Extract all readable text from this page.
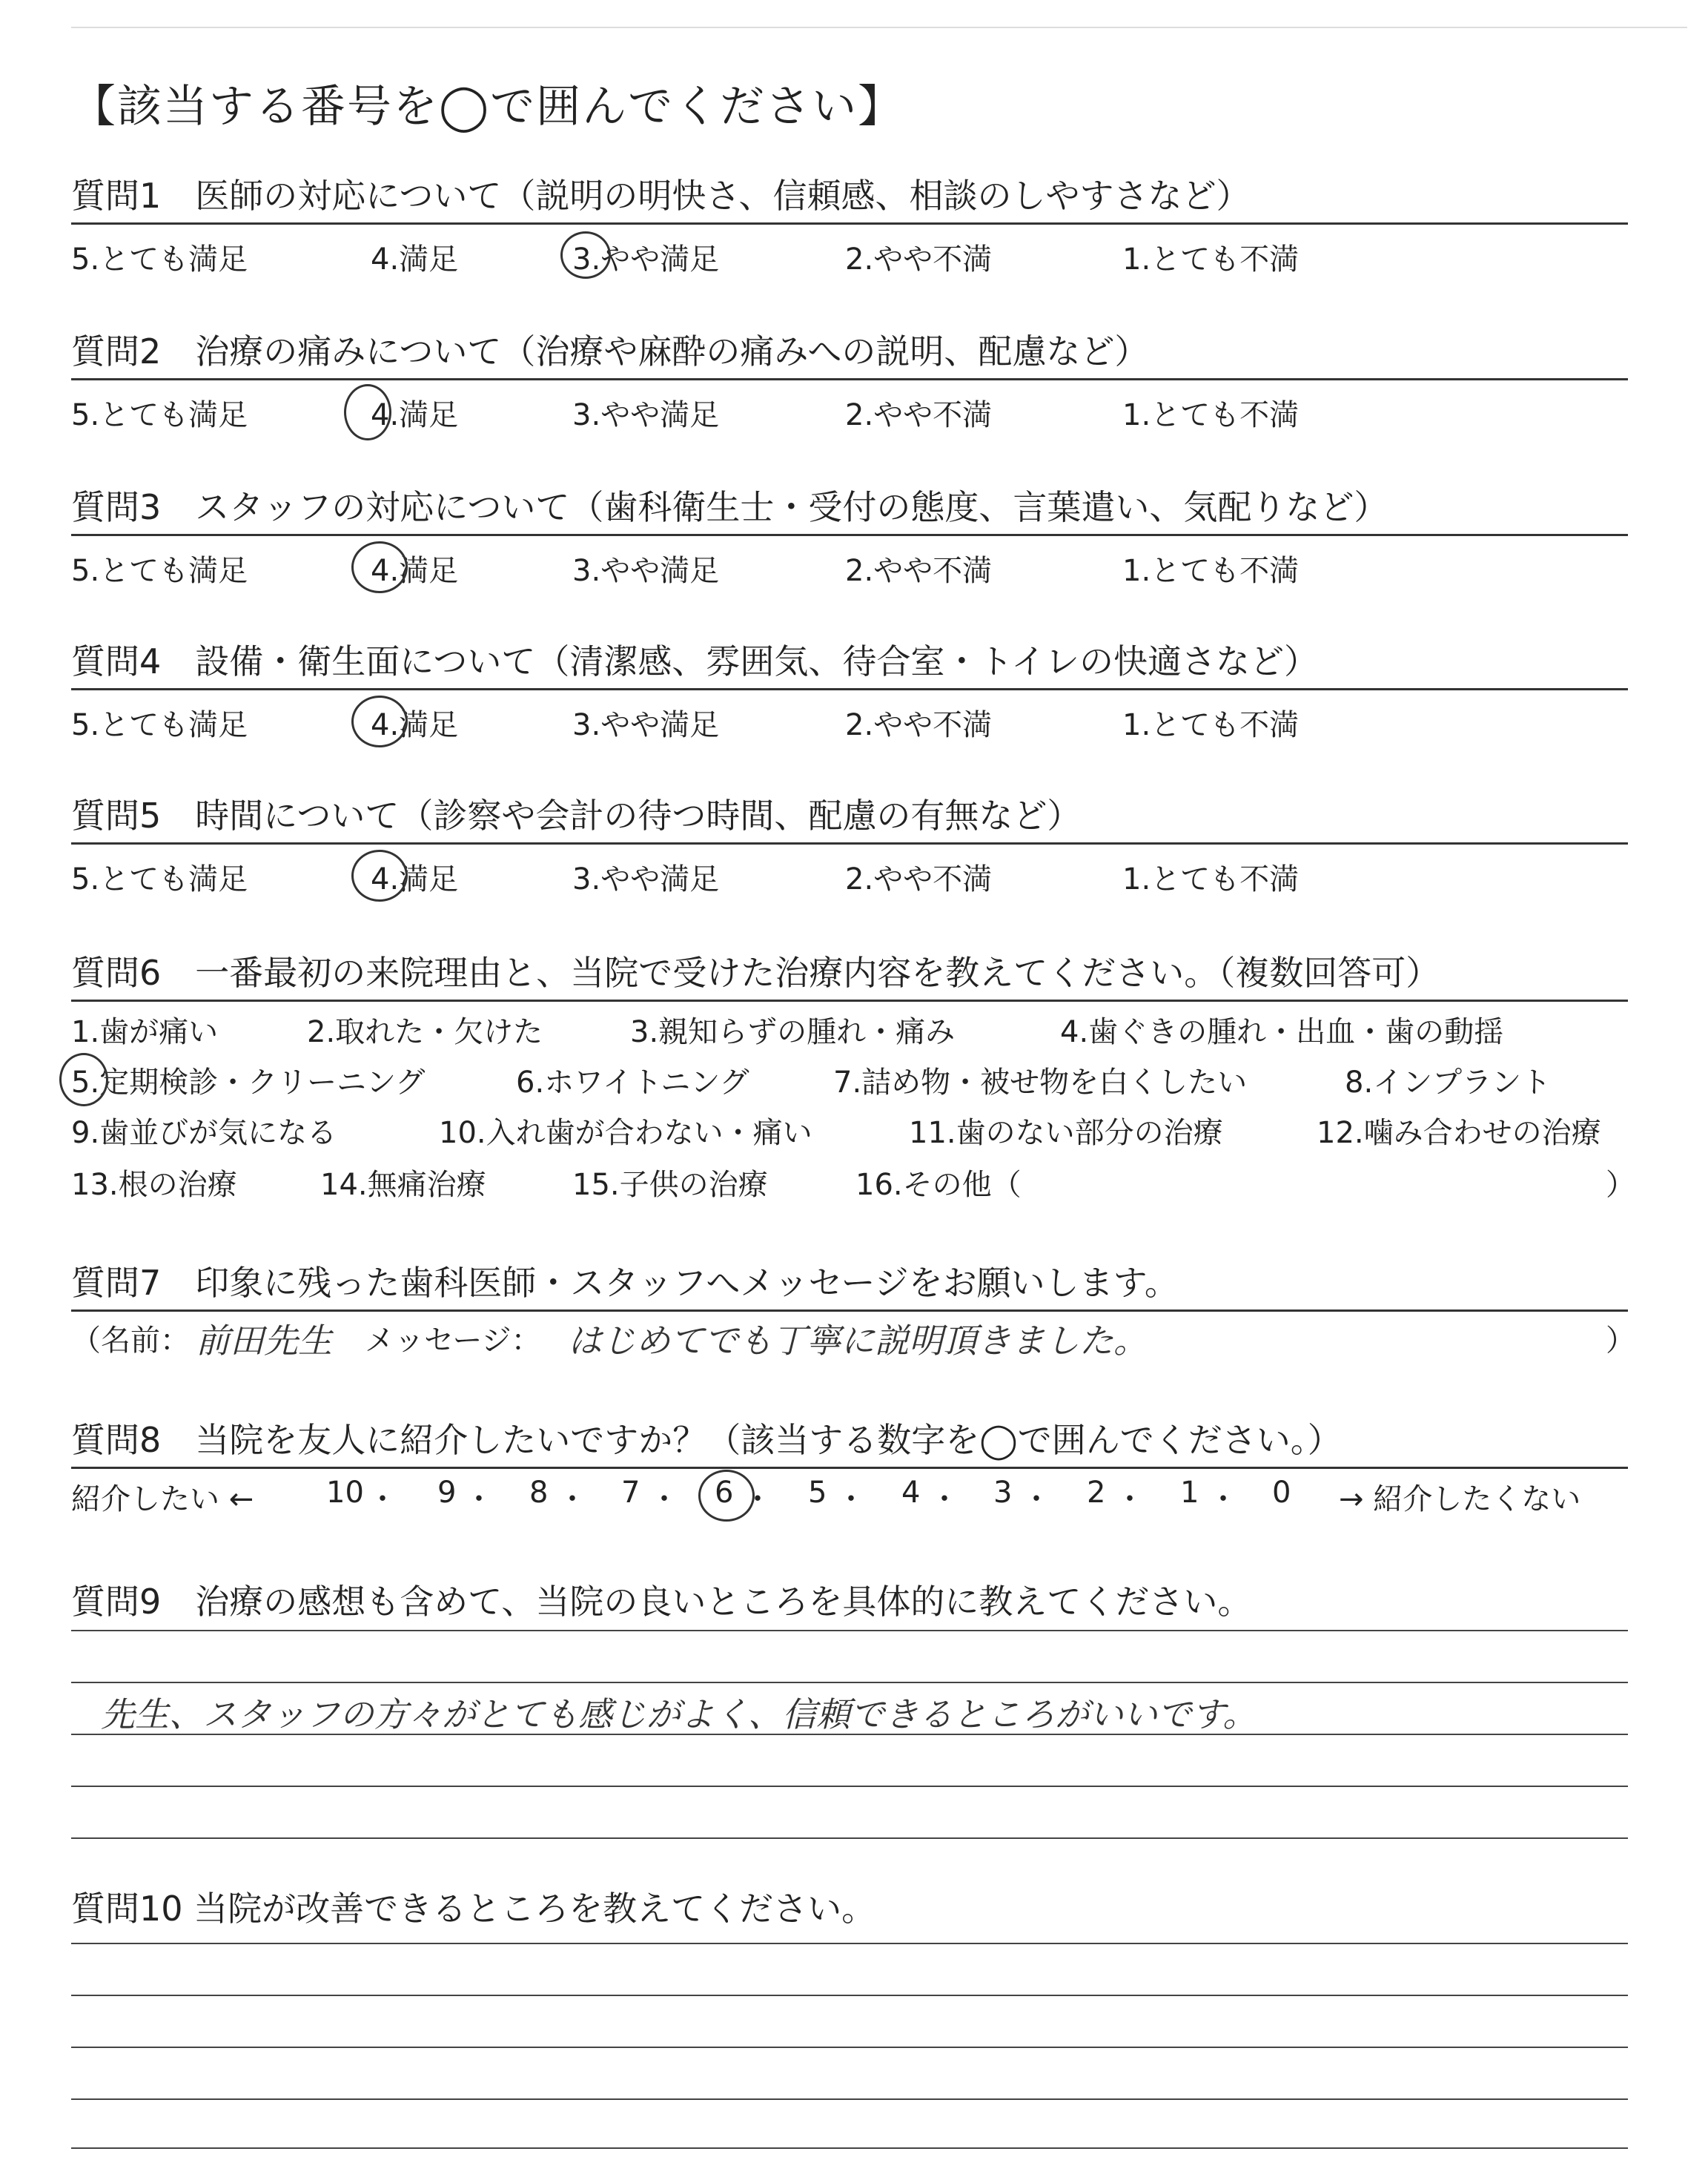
【該当する番号を◯で囲んでください】
質問1　医師の対応について（説明の明快さ、信頼感、相談のしやすさなど）
5.とても満足	4.満足	3.やや満足	2.やや不満	1.とても不満
質問2　治療の痛みについて（治療や麻酔の痛みへの説明、配慮など）
5.とても満足	4.満足	3.やや満足	2.やや不満	1.とても不満
質問3　スタッフの対応について（歯科衛生士・受付の態度、言葉遣い、気配りなど）
5.とても満足	4.満足	3.やや満足	2.やや不満	1.とても不満
質問4　設備・衛生面について（清潔感、雰囲気、待合室・トイレの快適さなど）
5.とても満足	4.満足	3.やや満足	2.やや不満	1.とても不満
質問5　時間について（診察や会計の待つ時間、配慮の有無など）
5.とても満足	4.満足	3.やや満足	2.やや不満	1.とても不満
質問6　一番最初の来院理由と、当院で受けた治療内容を教えてください。（複数回答可）
1.歯が痛い	2.取れた・欠けた	3.親知らずの腫れ・痛み	4.歯ぐきの腫れ・出血・歯の動揺
5.定期検診・クリーニング	6.ホワイトニング	7.詰め物・被せ物を白くしたい	8.インプラント
9.歯並びが気になる	10.入れ歯が合わない・痛い	11.歯のない部分の治療	12.噛み合わせの治療
13.根の治療	14.無痛治療	15.子供の治療	16.その他（	）
質問7　印象に残った歯科医師・スタッフへメッセージをお願いします。
（名前： 前田先生 メッセージ： はじめてでも丁寧に説明頂きました。	）
質問8　当院を友人に紹介したいですか？（該当する数字を◯で囲んでください。）
紹介したい ← 10 ・ 9 ・ 8 ・ 7 ・ 6 ・ 5 ・ 4 ・ 3 ・ 2 ・ 1 ・ 0 → 紹介したくない
質問9　治療の感想も含めて、当院の良いところを具体的に教えてください。
先生、スタッフの方々がとても感じがよく、信頼できるところがいいです。
質問10 当院が改善できるところを教えてください。
